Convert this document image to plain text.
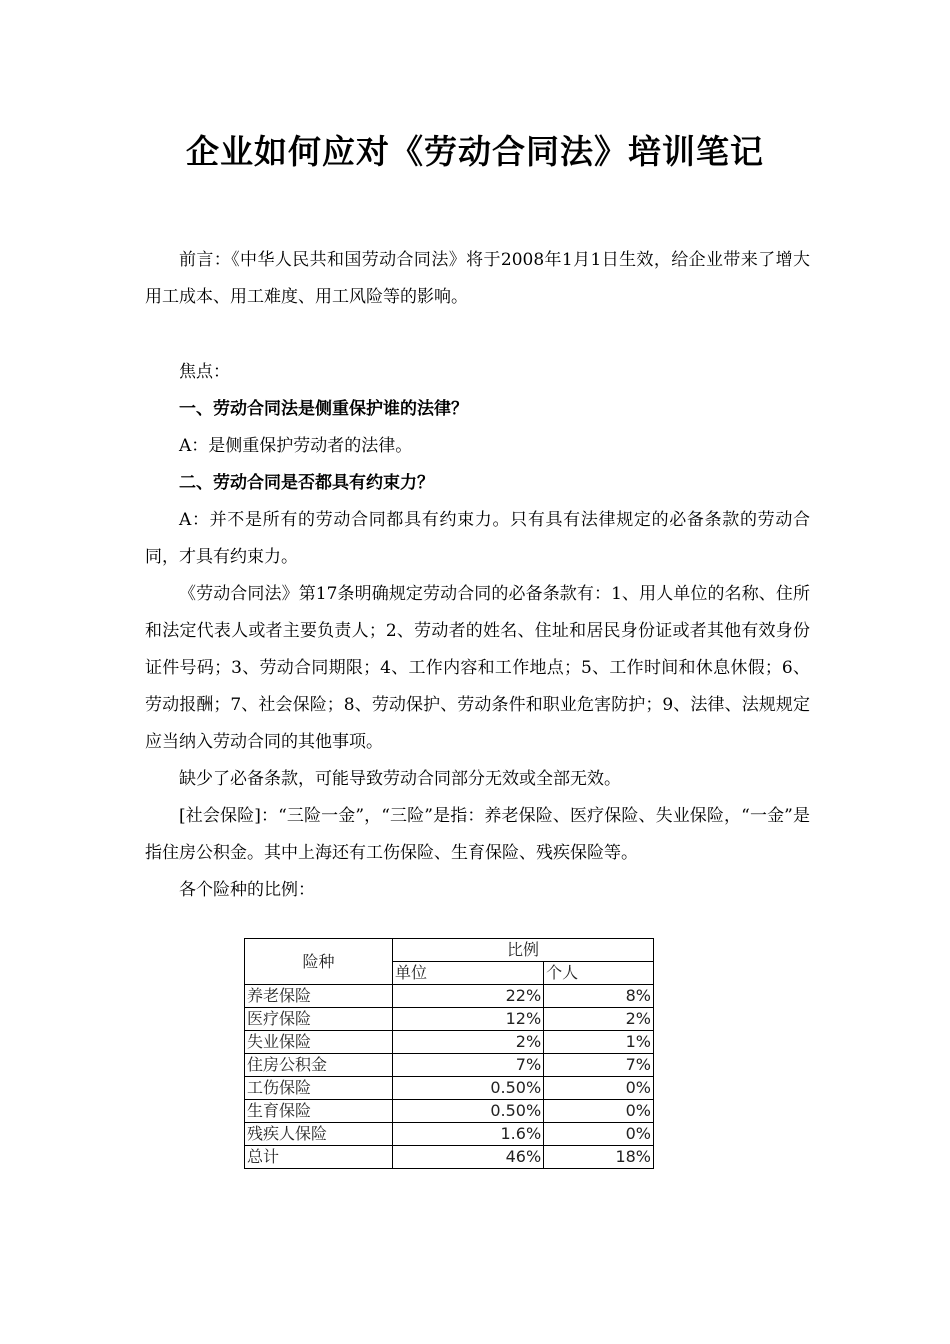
企业如何应对《劳动合同法》培训笔记

前言：《中华人民共和国劳动合同法》将于2008年1月1日生效，给企业带来了增大用工成本、用工难度、用工风险等的影响。

焦点：

一、劳动合同法是侧重保护谁的法律？

A：是侧重保护劳动者的法律。

二、劳动合同是否都具有约束力？

A：并不是所有的劳动合同都具有约束力。只有具有法律规定的必备条款的劳动合同，才具有约束力。

《劳动合同法》第17条明确规定劳动合同的必备条款有：1、用人单位的名称、住所和法定代表人或者主要负责人；2、劳动者的姓名、住址和居民身份证或者其他有效身份证件号码；3、劳动合同期限；4、工作内容和工作地点；5、工作时间和休息休假；6、劳动报酬；7、社会保险；8、劳动保护、劳动条件和职业危害防护；9、法律、法规规定应当纳入劳动合同的其他事项。

缺少了必备条款，可能导致劳动合同部分无效或全部无效。

[社会保险]：“三险一金”，“三险”是指：养老保险、医疗保险、失业保险，“一金”是指住房公积金。其中上海还有工伤保险、生育保险、残疾保险等。

各个险种的比例：

险种	比例	
	单位	个人
养老保险	22%	8%
医疗保险	12%	2%
失业保险	2%	1%
住房公积金	7%	7%
工伤保险	0.50%	0%
生育保险	0.50%	0%
残疾人保险	1.6%	0%
总计	46%	18%
